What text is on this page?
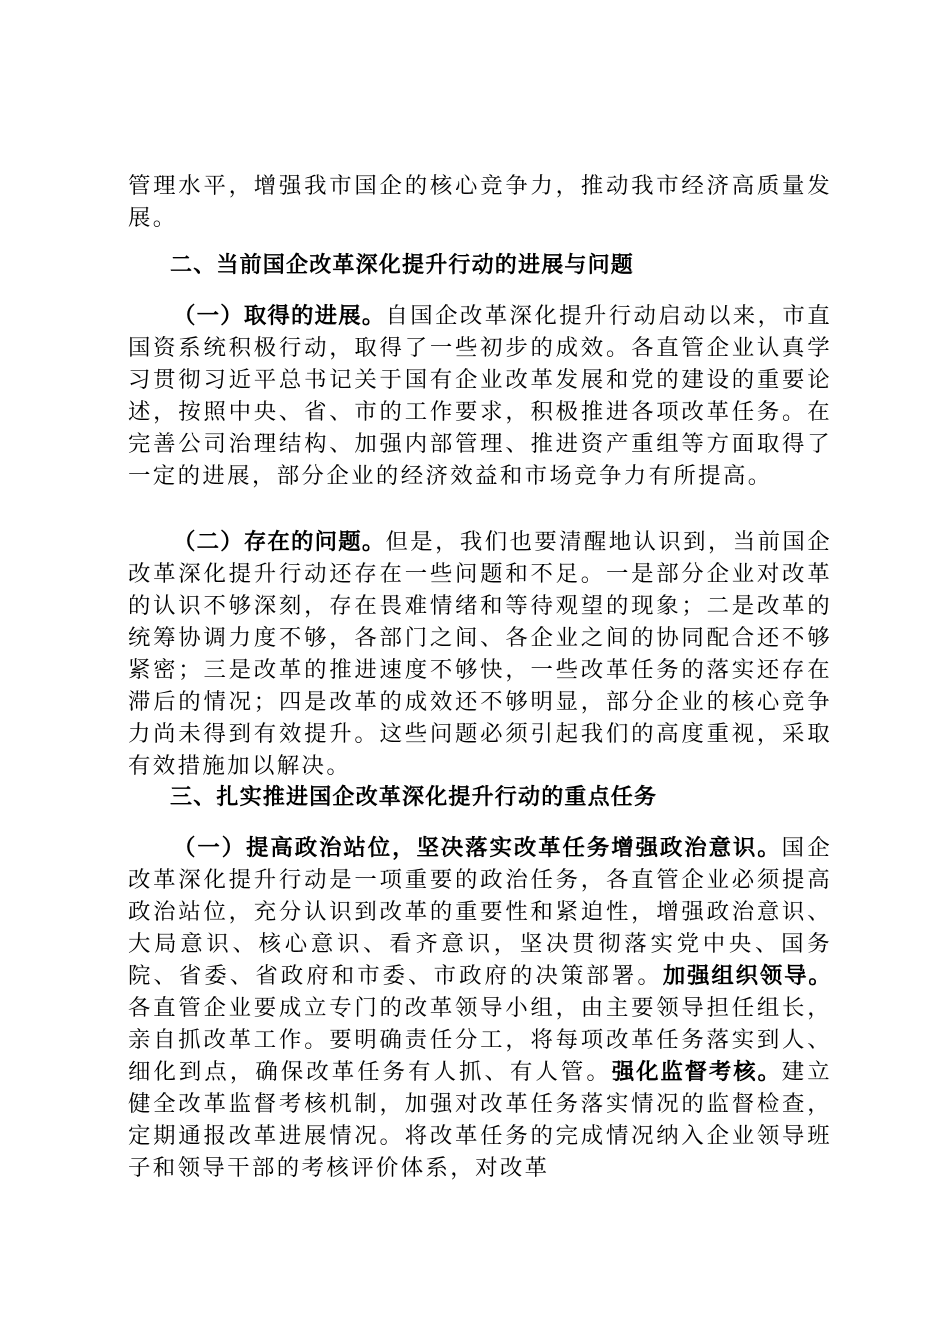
管理水平，增强我市国企的核心竞争力，推动我市经济高质量发展。

二、当前国企改革深化提升行动的进展与问题

（一）取得的进展。自国企改革深化提升行动启动以来，市直国资系统积极行动，取得了一些初步的成效。各直管企业认真学习贯彻习近平总书记关于国有企业改革发展和党的建设的重要论述，按照中央、省、市的工作要求，积极推进各项改革任务。在完善公司治理结构、加强内部管理、推进资产重组等方面取得了一定的进展，部分企业的经济效益和市场竞争力有所提高。

（二）存在的问题。但是，我们也要清醒地认识到，当前国企改革深化提升行动还存在一些问题和不足。一是部分企业对改革的认识不够深刻，存在畏难情绪和等待观望的现象；二是改革的统筹协调力度不够，各部门之间、各企业之间的协同配合还不够紧密；三是改革的推进速度不够快，一些改革任务的落实还存在滞后的情况；四是改革的成效还不够明显，部分企业的核心竞争力尚未得到有效提升。这些问题必须引起我们的高度重视，采取有效措施加以解决。

三、扎实推进国企改革深化提升行动的重点任务

（一）提高政治站位，坚决落实改革任务增强政治意识。国企改革深化提升行动是一项重要的政治任务，各直管企业必须提高政治站位，充分认识到改革的重要性和紧迫性，增强政治意识、大局意识、核心意识、看齐意识，坚决贯彻落实党中央、国务院、省委、省政府和市委、市政府的决策部署。加强组织领导。各直管企业要成立专门的改革领导小组，由主要领导担任组长，亲自抓改革工作。要明确责任分工，将每项改革任务落实到人、细化到点，确保改革任务有人抓、有人管。强化监督考核。建立健全改革监督考核机制，加强对改革任务落实情况的监督检查，定期通报改革进展情况。将改革任务的完成情况纳入企业领导班子和领导干部的考核评价体系，对改革
